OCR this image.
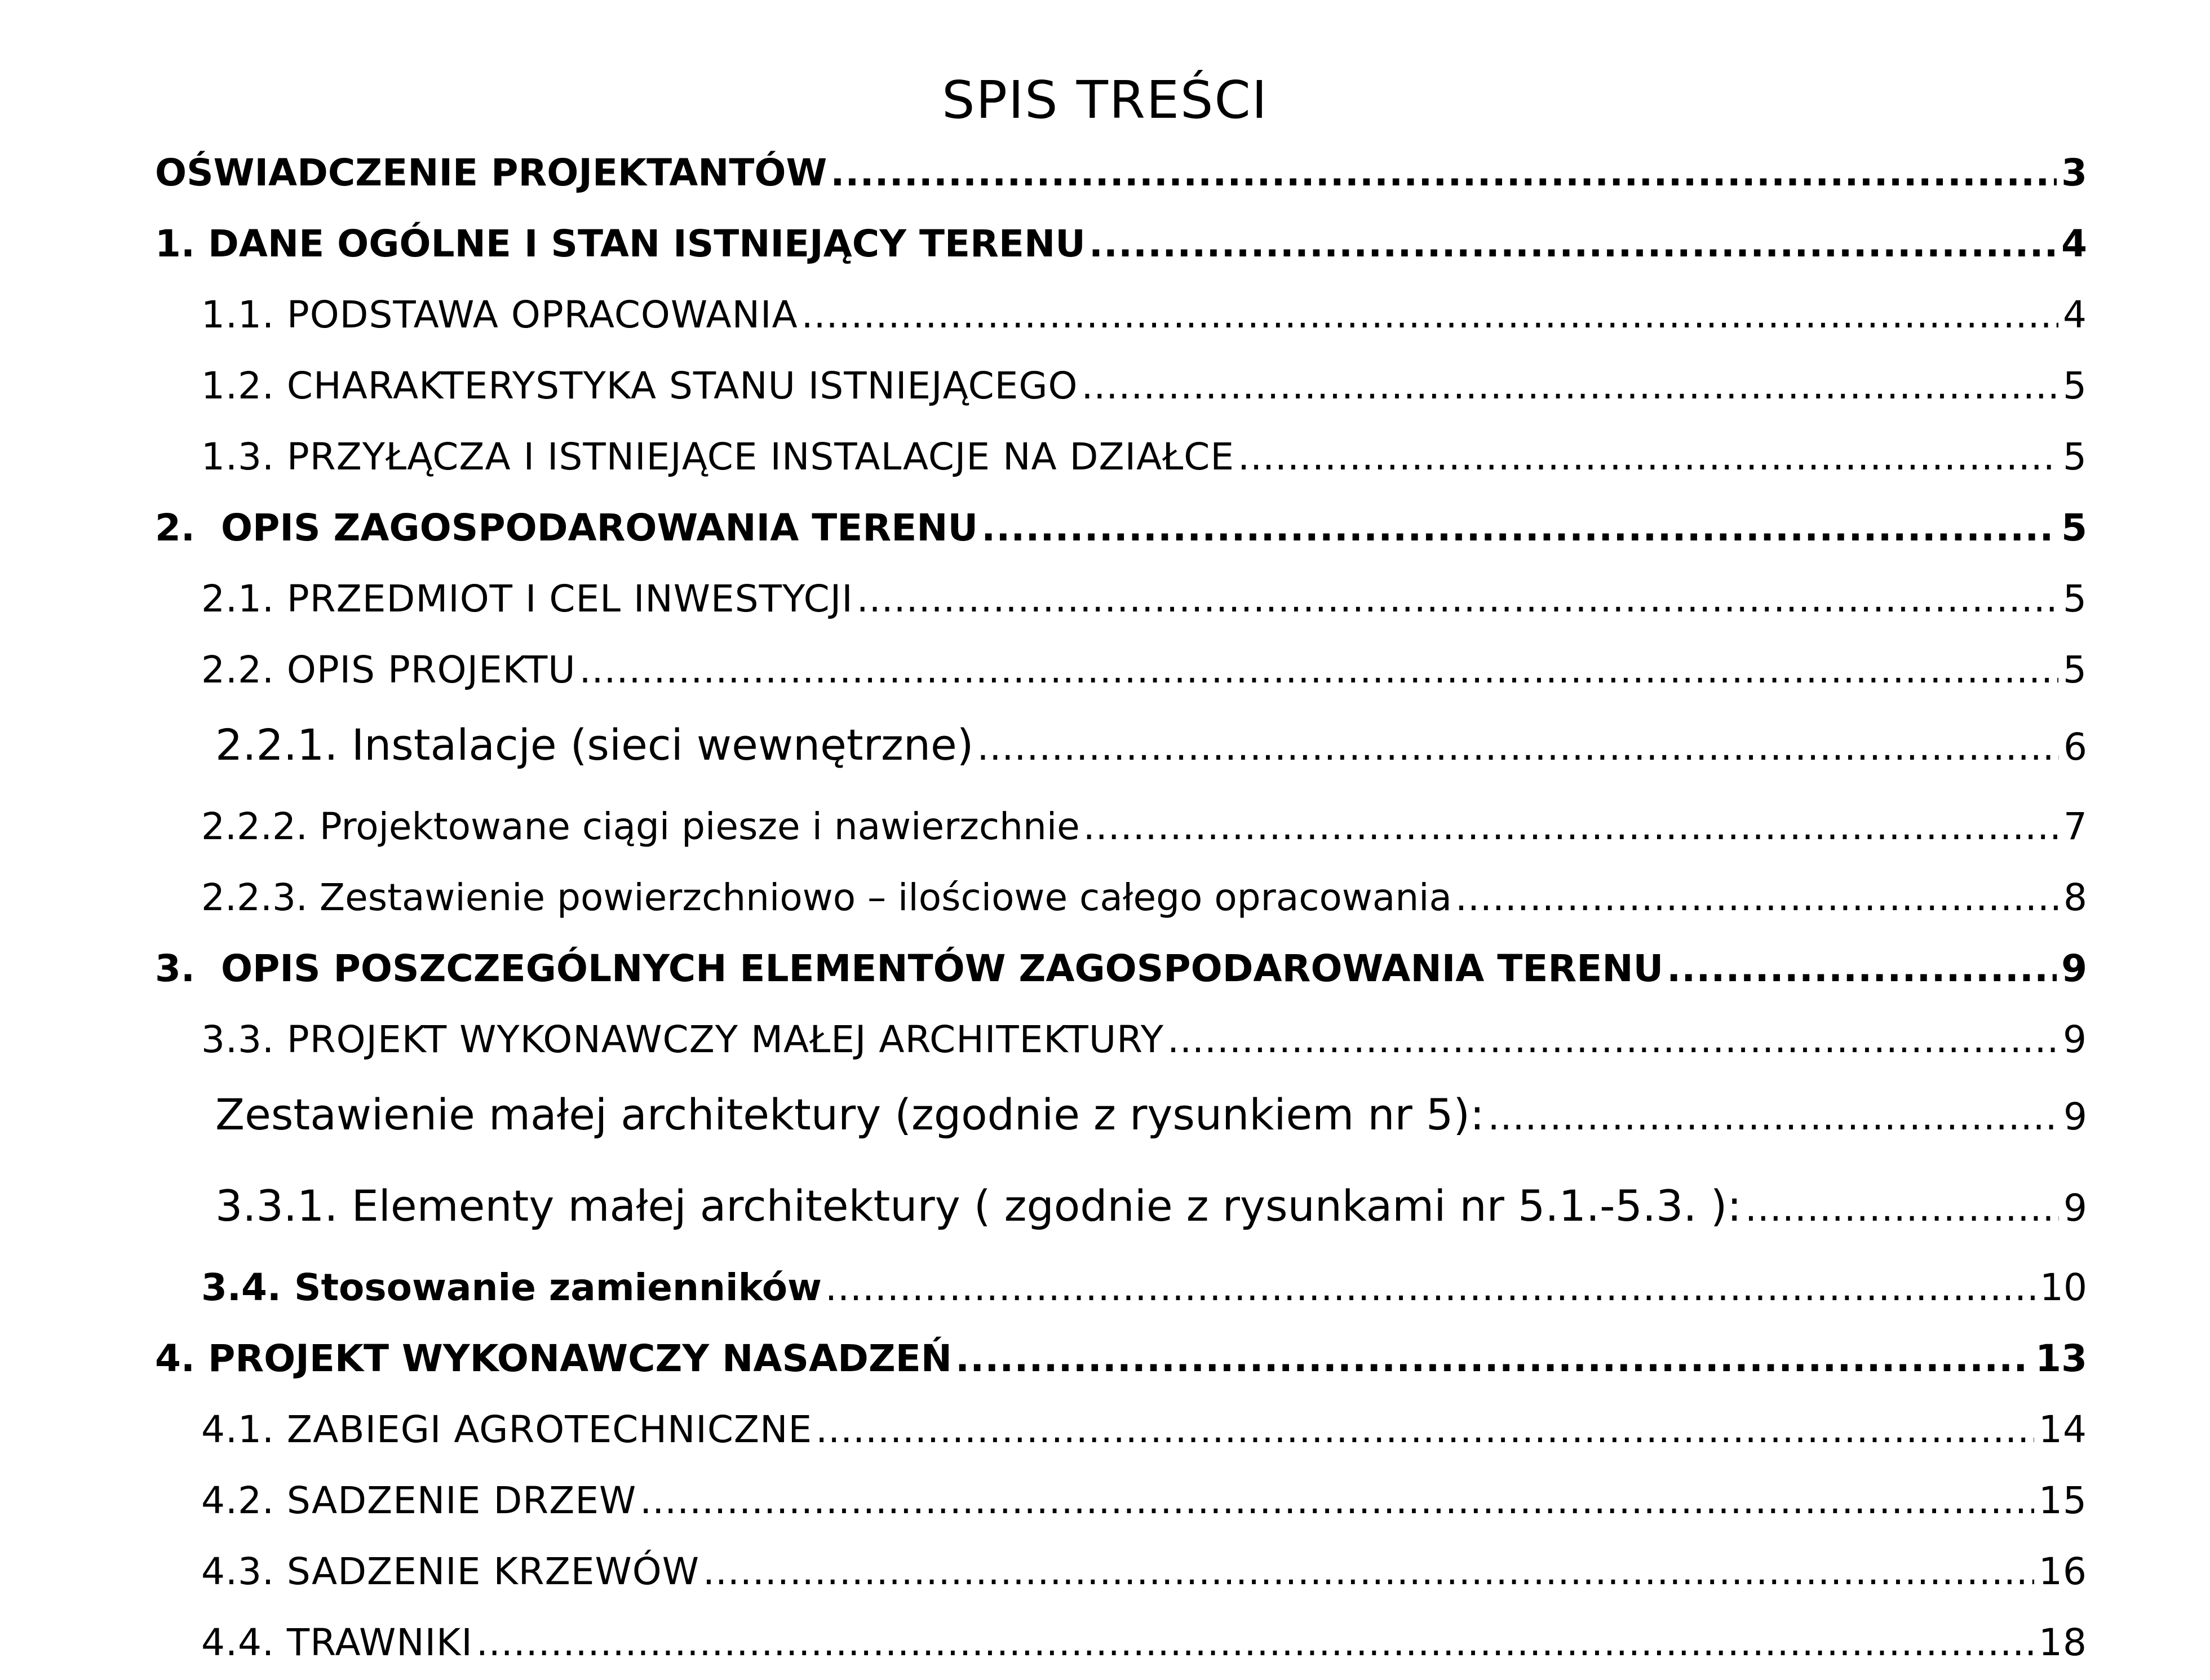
SPIS TREŚCI
OŚWIADCZENIE PROJEKTANTÓW .....	3
1. DANE OGÓLNE I STAN ISTNIEJĄCY TERENU .....	4
1.1. PODSTAWA OPRACOWANIA .....	4
1.2. CHARAKTERYSTYKA STANU ISTNIEJĄCEGO .....	5
1.3. PRZYŁĄCZA I ISTNIEJĄCE INSTALACJE NA DZIAŁCE .....	5
2.  OPIS ZAGOSPODAROWANIA TERENU .....	5
2.1. PRZEDMIOT I CEL INWESTYCJI .....	5
2.2. OPIS PROJEKTU .....	5
2.2.1. Instalacje (sieci wewnętrzne) .....	6
2.2.2. Projektowane ciągi piesze i nawierzchnie .....	7
2.2.3. Zestawienie powierzchniowo – ilościowe całego opracowania .....	8
3.  OPIS POSZCZEGÓLNYCH ELEMENTÓW ZAGOSPODAROWANIA TERENU .....	9
3.3. PROJEKT WYKONAWCZY MAŁEJ ARCHITEKTURY .....	9
Zestawienie małej architektury (zgodnie z rysunkiem nr 5): .....	9
3.3.1. Elementy małej architektury ( zgodnie z rysunkami nr 5.1.-5.3. ): .....	9
3.4. Stosowanie zamienników .....	10
4. PROJEKT WYKONAWCZY NASADZEŃ .....	13
4.1. ZABIEGI AGROTECHNICZNE .....	14
4.2. SADZENIE DRZEW .....	15
4.3. SADZENIE KRZEWÓW .....	16
4.4. TRAWNIKI .....	18
